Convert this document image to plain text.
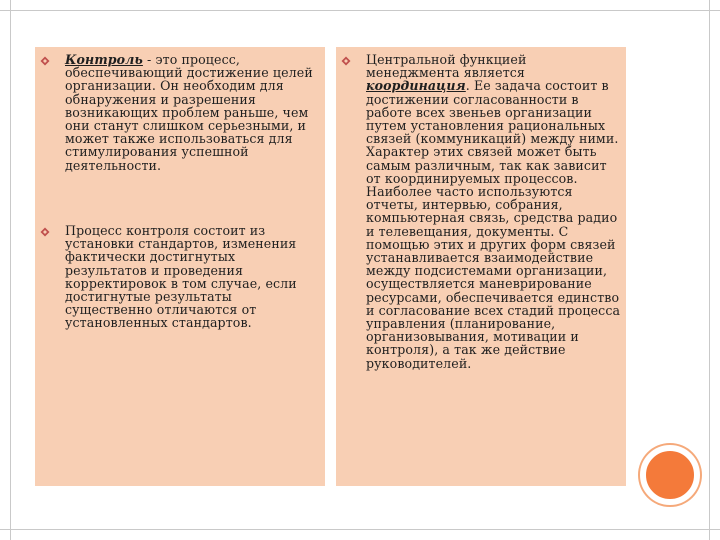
Контроль - это процесс, обеспечивающий достижение целей организации. Он необходим для обнаружения и разрешения возникающих проблем раньше, чем они станут слишком серьезными, и может также использоваться для стимулирования успешной деятельности.
Процесс контроля состоит из установки стандартов, изменения фактически достигнутых результатов и проведения корректировок в том случае, если достигнутые результаты существенно отличаются от установленных стандартов.
Центральной функцией менеджмента является координация. Ее задача состоит в достижении согласованности в работе всех звеньев организации путем установления рациональных связей (коммуникаций) между ними. Характер этих связей может быть самым различным, так как зависит от координируемых процессов. Наиболее часто используются отчеты, интервью, собрания, компьютерная связь, средства радио и телевещания, документы. С помощью этих и других форм связей устанавливается взаимодействие между подсистемами организации, осуществляется маневрирование ресурсами, обеспечивается единство и согласование всех стадий процесса управления (планирование, организовывания, мотивации и контроля), а так же действие руководителей.
